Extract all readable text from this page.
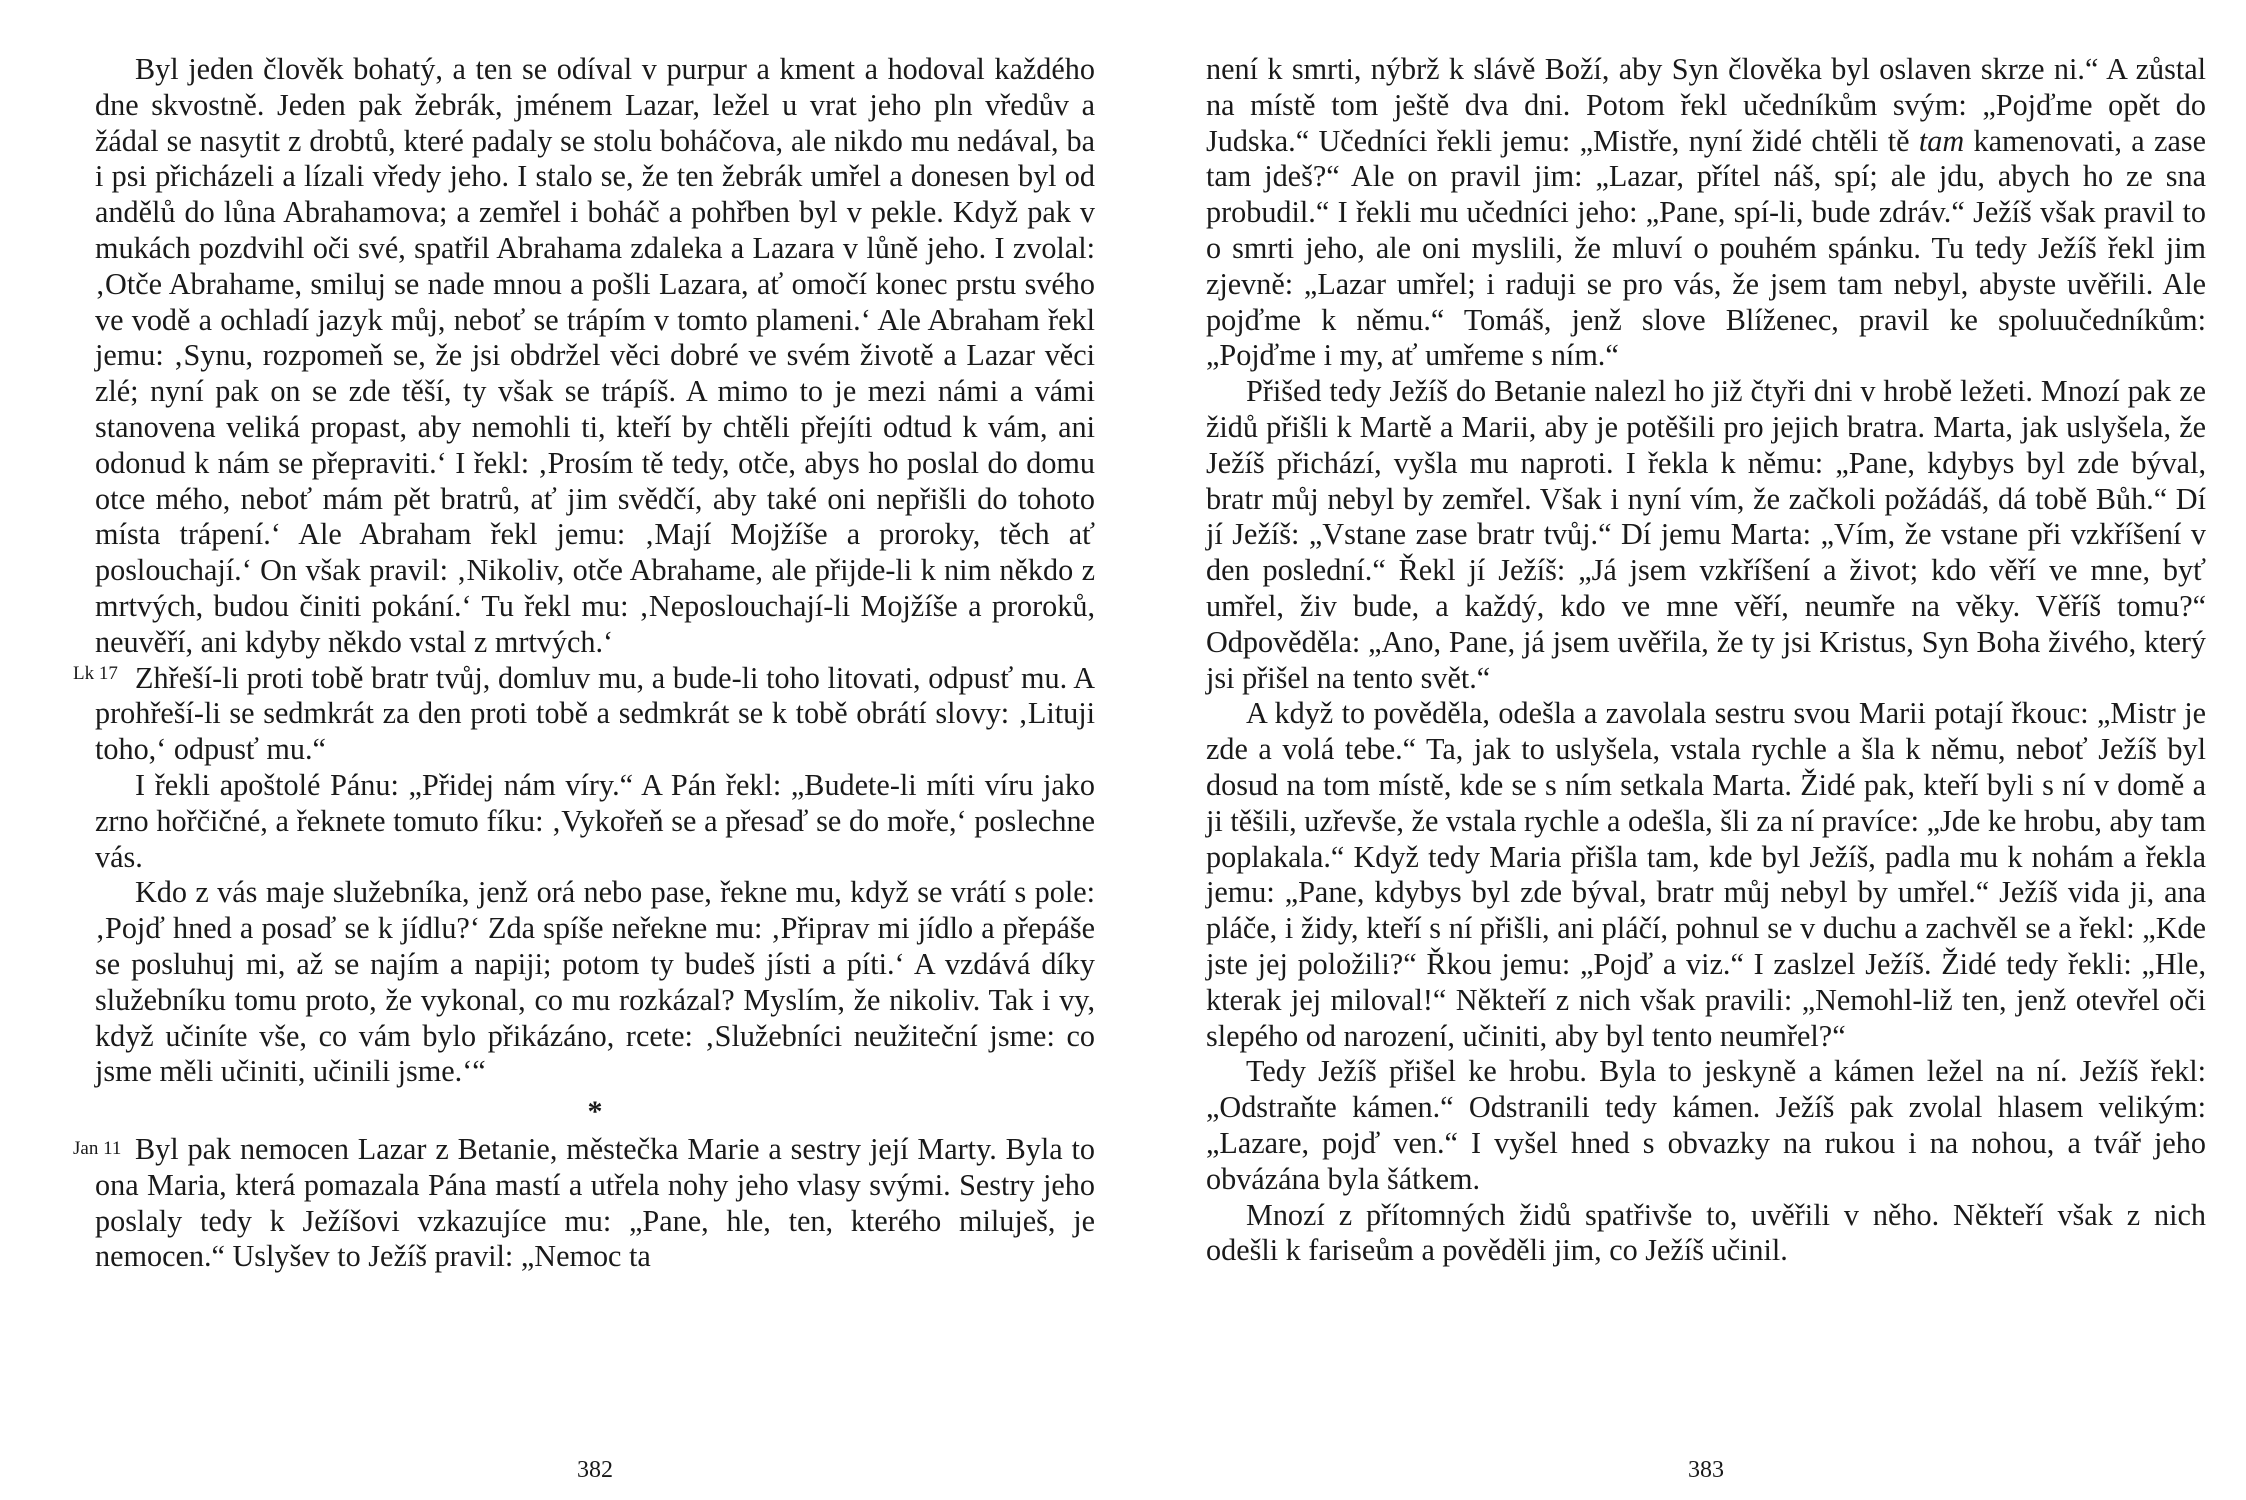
Byl jeden člověk bohatý, a ten se odíval v purpur a kment a hodoval každého dne skvostně. Jeden pak žebrák, jménem Lazar, ležel u vrat jeho pln vředův a žádal se nasytit z drobtů, které padaly se stolu boháčova, ale nikdo mu nedával, ba i psi přicházeli a lízali vředy jeho. I stalo se, že ten žebrák umřel a donesen byl od andělů do lůna Abrahamova; a zemřel i boháč a pohřben byl v pekle. Když pak v mukách pozdvihl oči své, spatřil Abrahama zdaleka a Lazara v lůně jeho. I zvolal: ‚Otče Abrahame, smiluj se nade mnou a pošli Lazara, ať omočí konec prstu svého ve vodě a ochladí jazyk můj, neboť se trápím v tomto plameni.‘ Ale Abraham řekl jemu: ‚Synu, rozpomeň se, že jsi obdržel věci dobré ve svém životě a Lazar věci zlé; nyní pak on se zde těší, ty však se trápíš. A mimo to je mezi námi a vámi stanovena veliká propast, aby nemohli ti, kteří by chtěli přejíti odtud k vám, ani odonud k nám se přepraviti.‘ I řekl: ‚Prosím tě tedy, otče, abys ho poslal do domu otce mého, neboť mám pět bratrů, ať jim svědčí, aby také oni nepřišli do tohoto místa trápení.‘ Ale Abraham řekl jemu: ‚Mají Mojžíše a proroky, těch ať poslouchají.‘ On však pravil: ‚Nikoliv, otče Abrahame, ale přijde-li k nim někdo z mrtvých, budou činiti pokání.‘ Tu řekl mu: ‚Neposlouchají-li Mojžíše a proroků, neuvěří, ani kdyby někdo vstal z mrtvých.‘

Lk 17 Zhřeší-li proti tobě bratr tvůj, domluv mu, a bude-li toho litovati, odpusť mu. A prohřeší-li se sedmkrát za den proti tobě a sedmkrát se k tobě obrátí slovy: ‚Lituji toho,‘ odpusť mu.“

I řekli apoštolé Pánu: „Přidej nám víry.“ A Pán řekl: „Budete-li míti víru jako zrno hořčičné, a řeknete tomuto fíku: ‚Vykořeň se a přesaď se do moře,‘ poslechne vás.

Kdo z vás maje služebníka, jenž orá nebo pase, řekne mu, když se vrátí s pole: ‚Pojď hned a posaď se k jídlu?‘ Zda spíše neřekne mu: ‚Připrav mi jídlo a přepáše se posluhuj mi, až se najím a napiji; potom ty budeš jísti a píti.‘ A vzdává díky služebníku tomu proto, že vykonal, co mu rozkázal? Myslím, že nikoliv. Tak i vy, když učiníte vše, co vám bylo přikázáno, rcete: ‚Služebníci neužiteční jsme: co jsme měli učiniti, učinili jsme.‘“

*

Jan 11 Byl pak nemocen Lazar z Betanie, městečka Marie a sestry její Marty. Byla to ona Maria, která pomazala Pána mastí a utřela nohy jeho vlasy svými. Sestry jeho poslaly tedy k Ježíšovi vzkazujíce mu: „Pane, hle, ten, kterého miluješ, je nemocen.“ Uslyšev to Ježíš pravil: „Nemoc ta

382

není k smrti, nýbrž k slávě Boží, aby Syn člověka byl oslaven skrze ni.“ A zůstal na místě tom ještě dva dni. Potom řekl učedníkům svým: „Pojďme opět do Judska.“ Učedníci řekli jemu: „Mistře, nyní židé chtěli tě tam kamenovati, a zase tam jdeš?“ Ale on pravil jim: „Lazar, přítel náš, spí; ale jdu, abych ho ze sna probudil.“ I řekli mu učedníci jeho: „Pane, spí-li, bude zdráv.“ Ježíš však pravil to o smrti jeho, ale oni myslili, že mluví o pouhém spánku. Tu tedy Ježíš řekl jim zjevně: „Lazar umřel; i raduji se pro vás, že jsem tam nebyl, abyste uvěřili. Ale pojďme k němu.“ Tomáš, jenž slove Blíženec, pravil ke spoluučedníkům: „Pojďme i my, ať umřeme s ním.“

Přišed tedy Ježíš do Betanie nalezl ho již čtyři dni v hrobě ležeti. Mnozí pak ze židů přišli k Martě a Marii, aby je potěšili pro jejich bratra. Marta, jak uslyšela, že Ježíš přichází, vyšla mu naproti. I řekla k němu: „Pane, kdybys byl zde býval, bratr můj nebyl by zemřel. Však i nyní vím, že začkoli požádáš, dá tobě Bůh.“ Dí jí Ježíš: „Vstane zase bratr tvůj.“ Dí jemu Marta: „Vím, že vstane při vzkříšení v den poslední.“ Řekl jí Ježíš: „Já jsem vzkříšení a život; kdo věří ve mne, byť umřel, živ bude, a každý, kdo ve mne věří, neumře na věky. Věříš tomu?“ Odpověděla: „Ano, Pane, já jsem uvěřila, že ty jsi Kristus, Syn Boha živého, který jsi přišel na tento svět.“

A když to pověděla, odešla a zavolala sestru svou Marii potají řkouc: „Mistr je zde a volá tebe.“ Ta, jak to uslyšela, vstala rychle a šla k němu, neboť Ježíš byl dosud na tom místě, kde se s ním setkala Marta. Židé pak, kteří byli s ní v domě a ji těšili, uzřevše, že vstala rychle a odešla, šli za ní pravíce: „Jde ke hrobu, aby tam poplakala.“ Když tedy Maria přišla tam, kde byl Ježíš, padla mu k nohám a řekla jemu: „Pane, kdybys byl zde býval, bratr můj nebyl by umřel.“ Ježíš vida ji, ana pláče, i židy, kteří s ní přišli, ani pláčí, pohnul se v duchu a zachvěl se a řekl: „Kde jste jej položili?“ Řkou jemu: „Pojď a viz.“ I zaslzel Ježíš. Židé tedy řekli: „Hle, kterak jej miloval!“ Někteří z nich však pravili: „Nemohl-liž ten, jenž otevřel oči slepého od narození, učiniti, aby byl tento neumřel?“

Tedy Ježíš přišel ke hrobu. Byla to jeskyně a kámen ležel na ní. Ježíš řekl: „Odstraňte kámen.“ Odstranili tedy kámen. Ježíš pak zvolal hlasem velikým: „Lazare, pojď ven.“ I vyšel hned s obvazky na rukou i na nohou, a tvář jeho obvázána byla šátkem.

Mnozí z přítomných židů spatřivše to, uvěřili v něho. Někteří však z nich odešli k fariseům a pověděli jim, co Ježíš učinil.

383
